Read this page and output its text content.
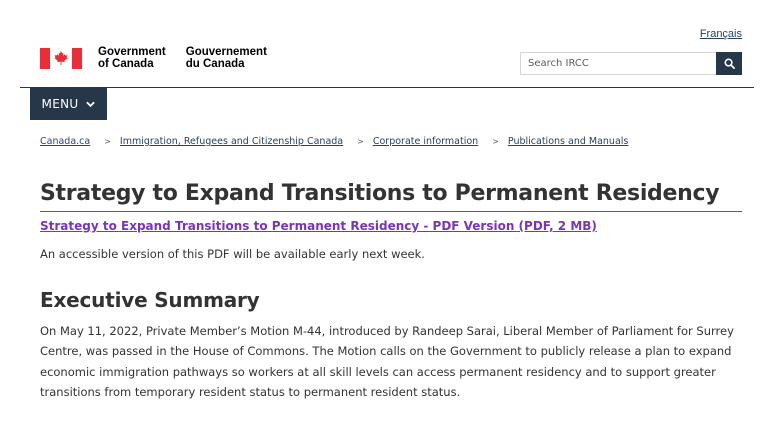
Français
Government
of Canada
Gouvernement
du Canada
Search IRCC
MENU
Canada.ca > Immigration, Refugees and Citizenship Canada > Corporate information > Publications and Manuals
Strategy to Expand Transitions to Permanent Residency
Strategy to Expand Transitions to Permanent Residency - PDF Version (PDF, 2 MB)

An accessible version of this PDF will be available early next week.

Executive Summary

On May 11, 2022, Private Member’s Motion M-44, introduced by Randeep Sarai, Liberal Member of Parliament for Surrey Centre, was passed in the House of Commons. The Motion calls on the Government to publicly release a plan to expand economic immigration pathways so workers at all skill levels can access permanent residency and to support greater transitions from temporary resident status to permanent resident status.
